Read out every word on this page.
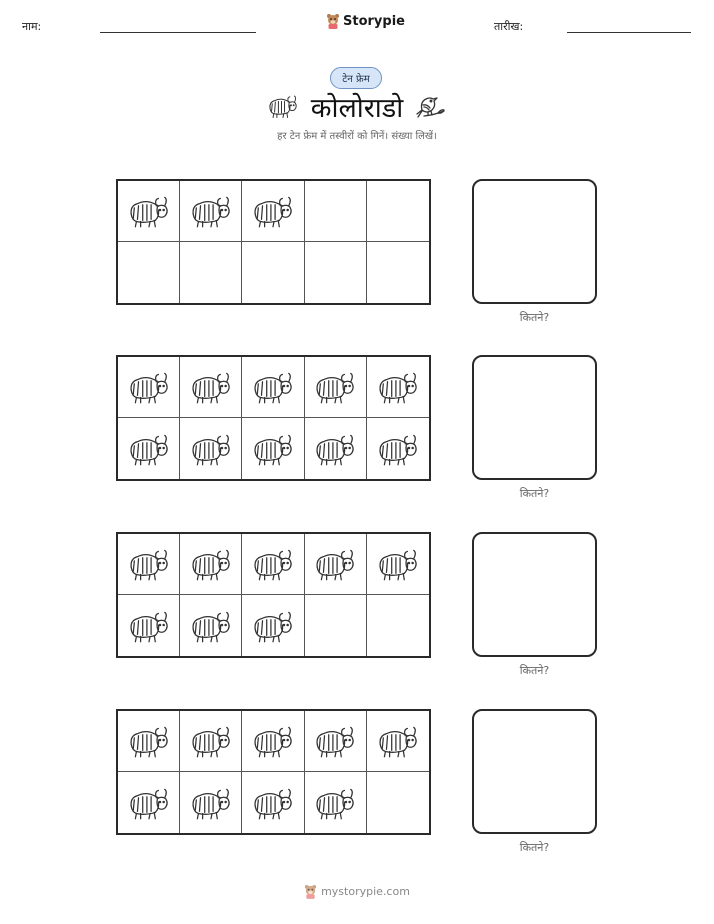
नाम:	Storypie	तारीख:
टेन फ्रेम
कोलोराडो
हर टेन फ्रेम में तस्वीरों को गिनें। संख्या लिखें।
कितने?
कितने?
कितने?
कितने?
mystorypie.com
